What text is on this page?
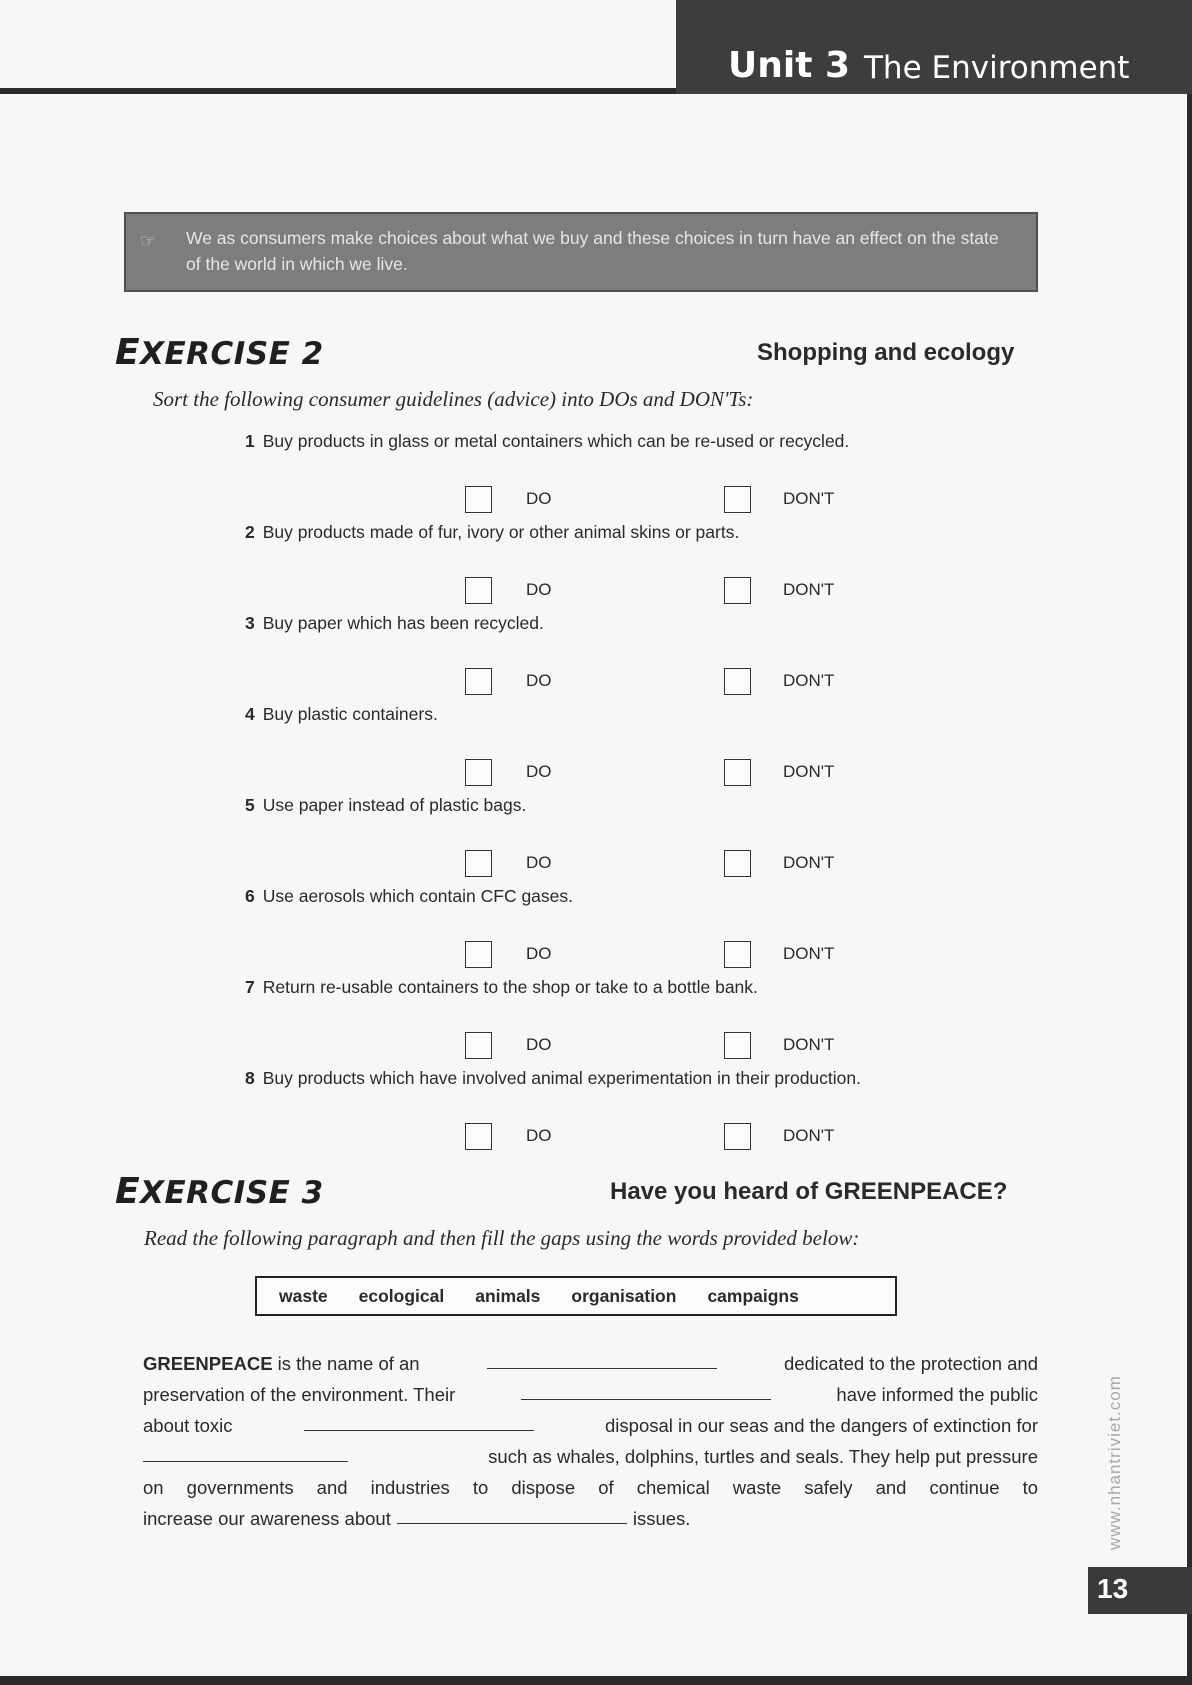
Unit 3 The Environment
☞ We as consumers make choices about what we buy and these choices in turn have an effect on the state of the world in which we live.
EXERCISE 2	Shopping and ecology
Sort the following consumer guidelines (advice) into DOs and DON'Ts:
1 Buy products in glass or metal containers which can be re-used or recycled.
DO	DON'T
2 Buy products made of fur, ivory or other animal skins or parts.
DO	DON'T
3 Buy paper which has been recycled.
DO	DON'T
4 Buy plastic containers.
DO	DON'T
5 Use paper instead of plastic bags.
DO	DON'T
6 Use aerosols which contain CFC gases.
DO	DON'T
7 Return re-usable containers to the shop or take to a bottle bank.
DO	DON'T
8 Buy products which have involved animal experimentation in their production.
DO	DON'T
EXERCISE 3	Have you heard of GREENPEACE?
Read the following paragraph and then fill the gaps using the words provided below:
waste ecological animals organisation campaigns
GREENPEACE is the name of an	dedicated to the protection and
preservation of the environment. Their	have informed the public
about toxic	disposal in our seas and the dangers of extinction for
such as whales, dolphins, turtles and seals. They help put pressure
on governments and industries to dispose of chemical waste safely and continue to
increase our awareness about	issues.	www.nhantriviet.com
13
